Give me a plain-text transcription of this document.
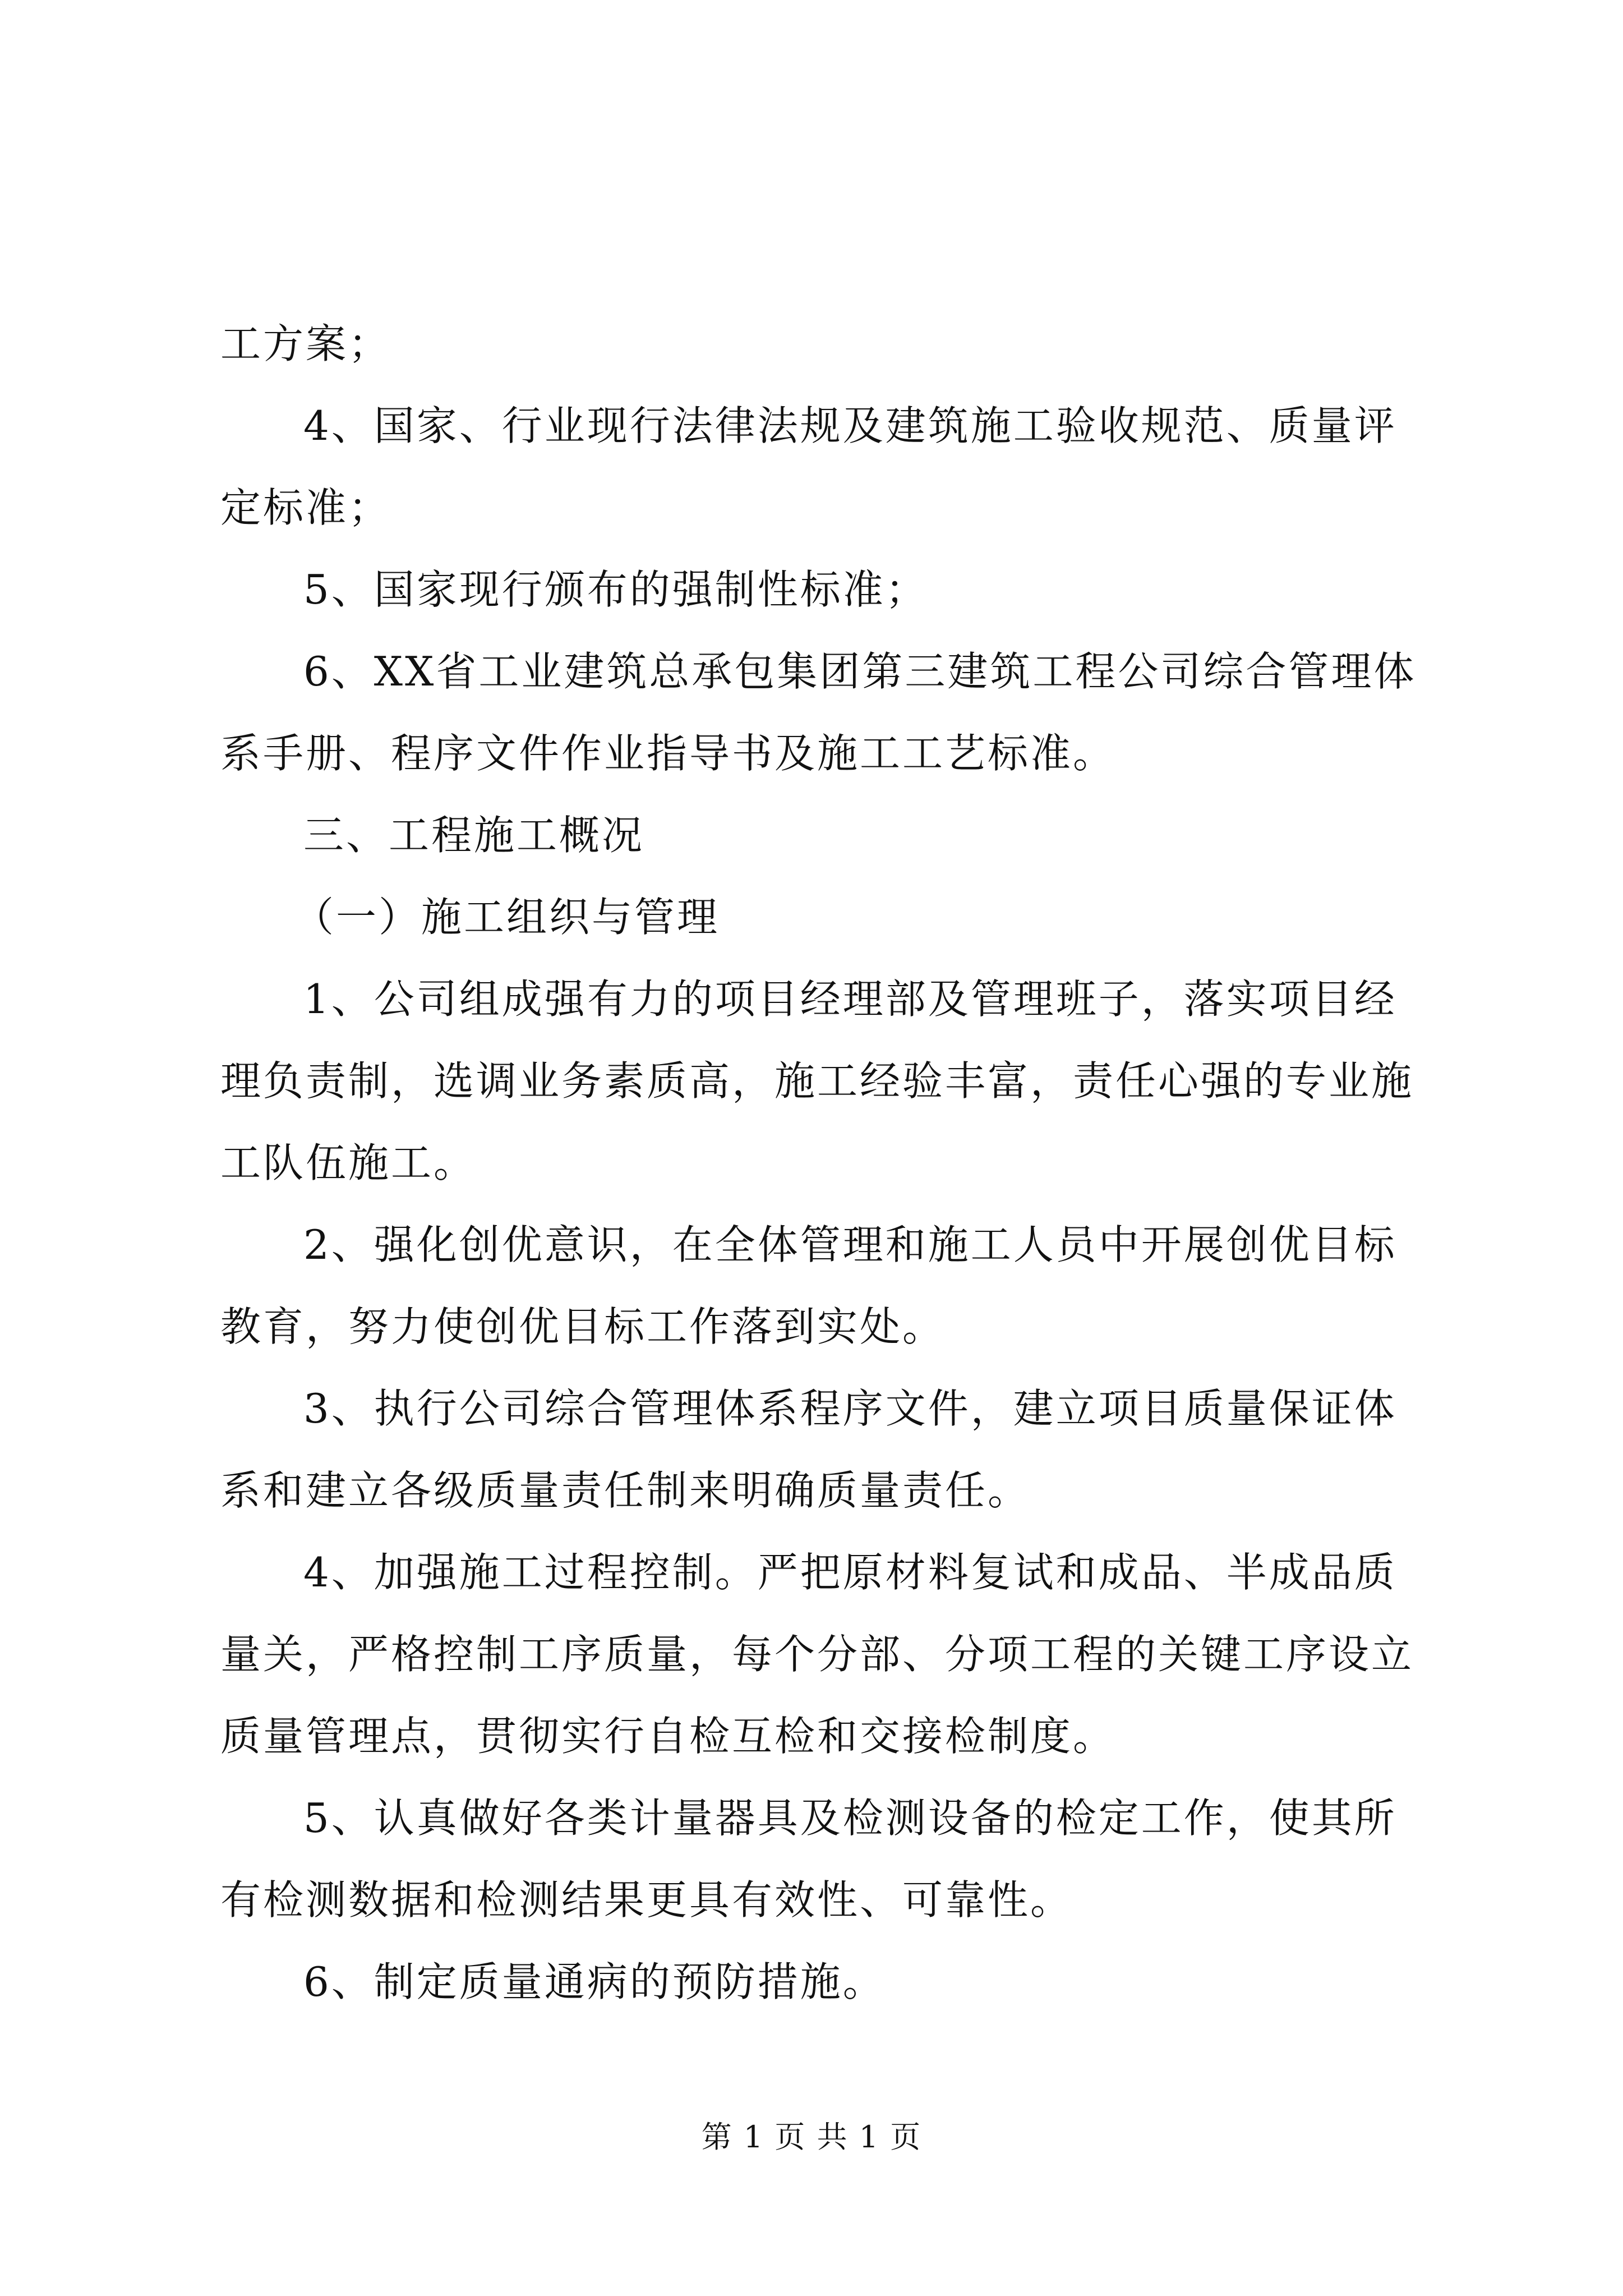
工方案；

4、国家、行业现行法律法规及建筑施工验收规范、质量评定标准；

5、国家现行颁布的强制性标准；

6、XX省工业建筑总承包集团第三建筑工程公司综合管理体系手册、程序文件作业指导书及施工工艺标准。

三、工程施工概况

（一）施工组织与管理

1、公司组成强有力的项目经理部及管理班子，落实项目经理负责制，选调业务素质高，施工经验丰富，责任心强的专业施工队伍施工。

2、强化创优意识，在全体管理和施工人员中开展创优目标教育，努力使创优目标工作落到实处。

3、执行公司综合管理体系程序文件，建立项目质量保证体系和建立各级质量责任制来明确质量责任。

4、加强施工过程控制。严把原材料复试和成品、半成品质量关，严格控制工序质量，每个分部、分项工程的关键工序设立质量管理点，贯彻实行自检互检和交接检制度。

5、认真做好各类计量器具及检测设备的检定工作，使其所有检测数据和检测结果更具有效性、可靠性。

6、制定质量通病的预防措施。

第 1 页 共 1 页
